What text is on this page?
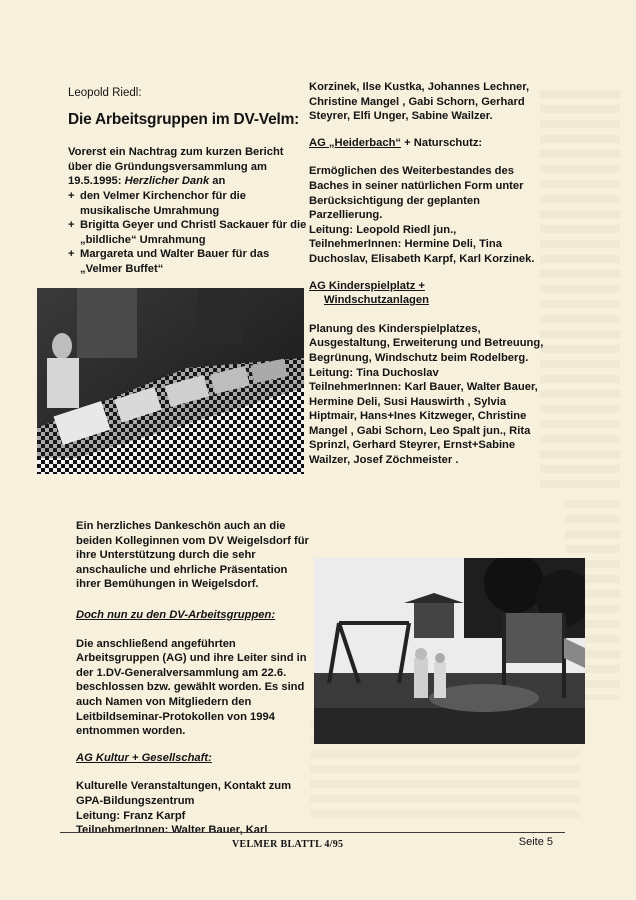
Leopold Riedl:

Die Arbeitsgruppen im DV-Velm:

Vorerst ein Nachtrag zum kurzen Bericht über die Gründungsversammlung am 19.5.1995: Herzlicher Dank an

+ den Velmer Kirchenchor für die musikalische Umrahmung
+ Brigitta Geyer und Christl Sackauer für die „bildliche“ Umrahmung
+ Margareta und Walter Bauer für das „Velmer Buffet“

Ein herzliches Dankeschön auch an die beiden Kolleginnen vom DV Weigelsdorf für ihre Unterstützung durch die sehr anschauliche und ehrliche Präsentation ihrer Bemühungen in Weigelsdorf.

Doch nun zu den DV-Arbeitsgruppen:

Die anschließend angeführten Arbeitsgruppen (AG) und ihre Leiter sind in der 1.DV-Generalversammlung am 22.6. beschlossen bzw. gewählt worden. Es sind auch Namen von Mitgliedern den Leitbildseminar-Protokollen von 1994 entnommen worden.

AG Kultur + Gesellschaft:

Kulturelle Veranstaltungen, Kontakt zum GPA-Bildungszentrum

Leitung: Franz Karpf

TeilnehmerInnen: Walter Bauer, Karl

Korzinek, Ilse Kustka, Johannes Lechner, Christine Mangel , Gabi Schorn, Gerhard Steyrer, Elfi Unger, Sabine Wailzer.

AG „Heiderbach“ + Naturschutz:

Ermöglichen des Weiterbestandes des Baches in seiner natürlichen Form unter Berücksichtigung der geplanten Parzellierung.

Leitung: Leopold Riedl jun.,

TeilnehmerInnen: Hermine Deli, Tina Duchoslav, Elisabeth Karpf, Karl Korzinek.

AG Kinderspielplatz +
Windschutzanlagen

Planung des Kinderspielplatzes, Ausgestaltung, Erweiterung und Betreuung, Begrünung, Windschutz beim Rodelberg.

Leitung: Tina Duchoslav

TeilnehmerInnen: Karl Bauer, Walter Bauer, Hermine Deli, Susi Hauswirth , Sylvia Hiptmair, Hans+Ines Kitzweger, Christine Mangel , Gabi Schorn, Leo Spalt jun., Rita Sprinzl, Gerhard Steyrer, Ernst+Sabine Wailzer, Josef Zöchmeister .

VELMER BLATTL 4/95	Seite 5
